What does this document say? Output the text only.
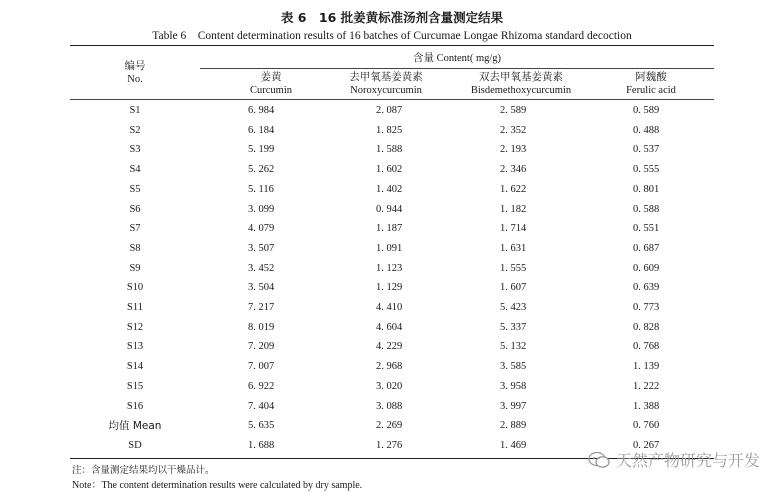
表 6　16 批姜黄标准汤剂含量测定结果
Table 6　Content determination results of 16 batches of Curcumae Longae Rhizoma standard decoction
编号
No.
含量 Content( mg/g)
姜黄
Curcumin
去甲氧基姜黄素
Noroxycurcumin
双去甲氧基姜黄素
Bisdemethoxycurcumin
阿魏酸
Ferulic acid
S1	6. 984	2. 087	2. 589	0. 589
S2	6. 184	1. 825	2. 352	0. 488
S3	5. 199	1. 588	2. 193	0. 537
S4	5. 262	1. 602	2. 346	0. 555
S5	5. 116	1. 402	1. 622	0. 801
S6	3. 099	0. 944	1. 182	0. 588
S7	4. 079	1. 187	1. 714	0. 551
S8	3. 507	1. 091	1. 631	0. 687
S9	3. 452	1. 123	1. 555	0. 609
S10	3. 504	1. 129	1. 607	0. 639
S11	7. 217	4. 410	5. 423	0. 773
S12	8. 019	4. 604	5. 337	0. 828
S13	7. 209	4. 229	5. 132	0. 768
S14	7. 007	2. 968	3. 585	1. 139
S15	6. 922	3. 020	3. 958	1. 222
S16	7. 404	3. 088	3. 997	1. 388
均值 Mean	5. 635	2. 269	2. 889	0. 760
SD	1. 688	1. 276	1. 469	0. 267
注：含量测定结果均以干燥品计。
Note：The content determination results were calculated by dry sample.
天然产物研究与开发
